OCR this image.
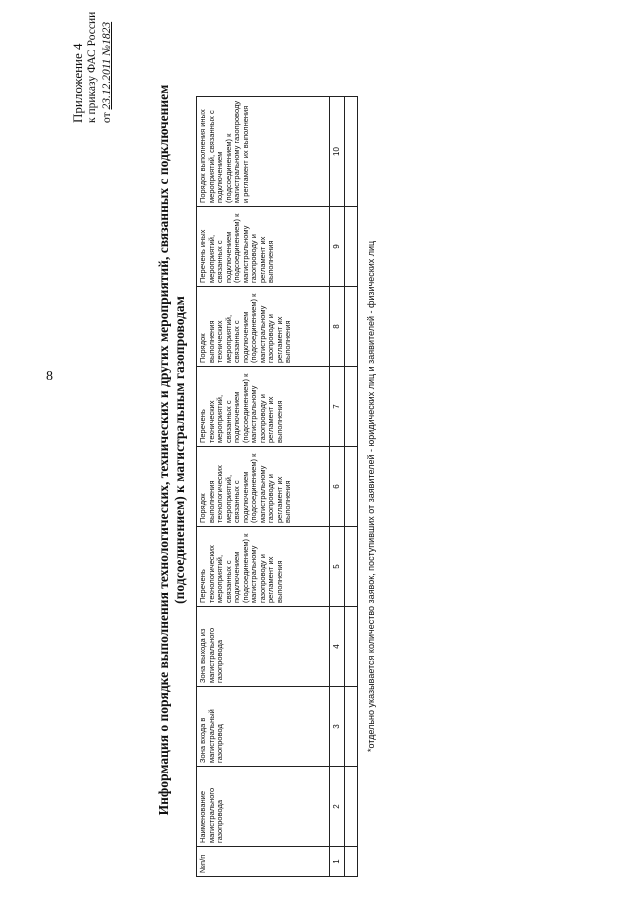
8
Приложение 4 к приказу ФАС России от 23.12.2011 №1823
Информация о порядке выполнения технологических, технических и других мероприятий, связанных с подключением (подсоединением) к магистральным газопроводам
№п/п	Наименование магистрального газопровода	Зона входа в магистральный газопровод	Зона выхода из магистрального газопровода	Перечень технологических мероприятий, связанных с подключением (подсоединением) к магистральному газопроводу и регламент их выполнения	Порядок выполнения технологических мероприятий, связанных с подключением (подсоединением) к магистральному газопроводу и регламент их выполнения	Перечень технических мероприятий, связанных с подключением (подсоединением) к магистральному газопроводу и регламент их выполнения	Порядок выполнения технических мероприятий, связанных с подключением (подсоединением) к магистральному газопроводу и регламент их выполнения	Перечень иных мероприятий, связанных с подключением (подсоединением) к магистральному газопроводу и регламент их выполнения	Порядок выполнения иных мероприятий, связанных с подключением (подсоединением) к магистральному газопроводу и регламент их выполнения
1	2	3	4	5	6	7	8	9	10

*отдельно указывается количество заявок, поступивших от заявителей - юридических лиц и заявителей - физических лиц
